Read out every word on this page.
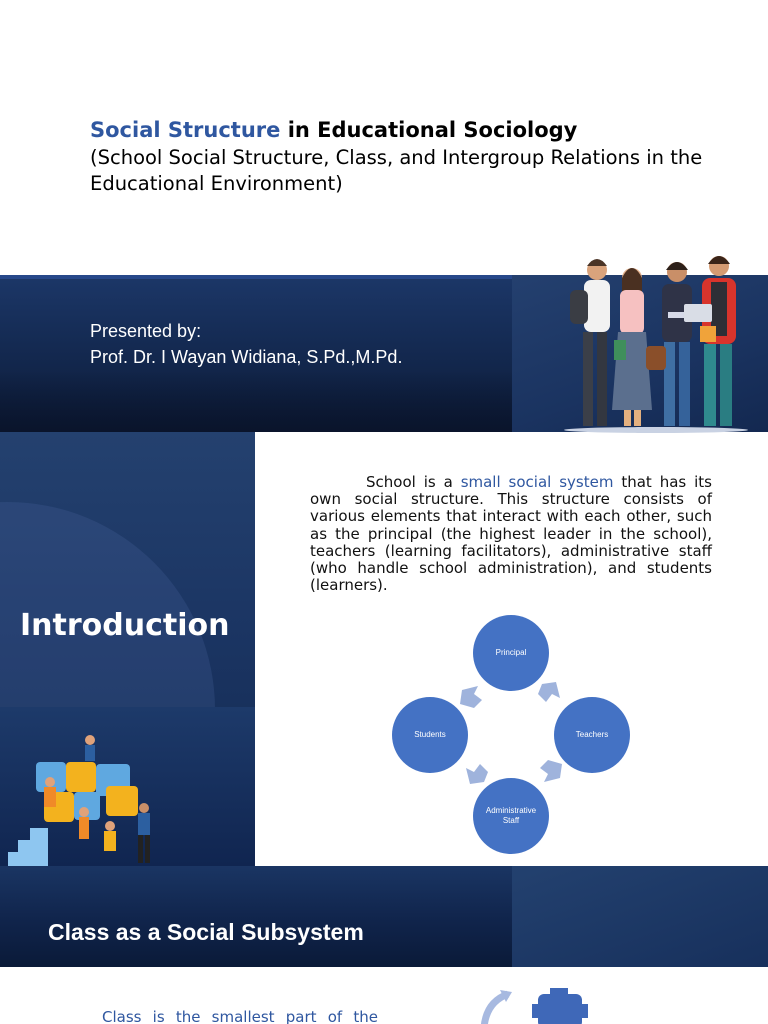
Social Structure in Educational Sociology
(School Social Structure, Class, and Intergroup Relations in the Educational Environment)
Presented by:
Prof. Dr. I Wayan Widiana, S.Pd.,M.Pd.
Introduction
School is a small social system that has its own social structure. This structure consists of various elements that interact with each other, such as the principal (the highest leader in the school), teachers (learning facilitators), administrative staff (who handle school administration), and students (learners).
Principal
Teachers
Administrative Staff
Students
Class as a Social Subsystem
Class is the smallest part of the
